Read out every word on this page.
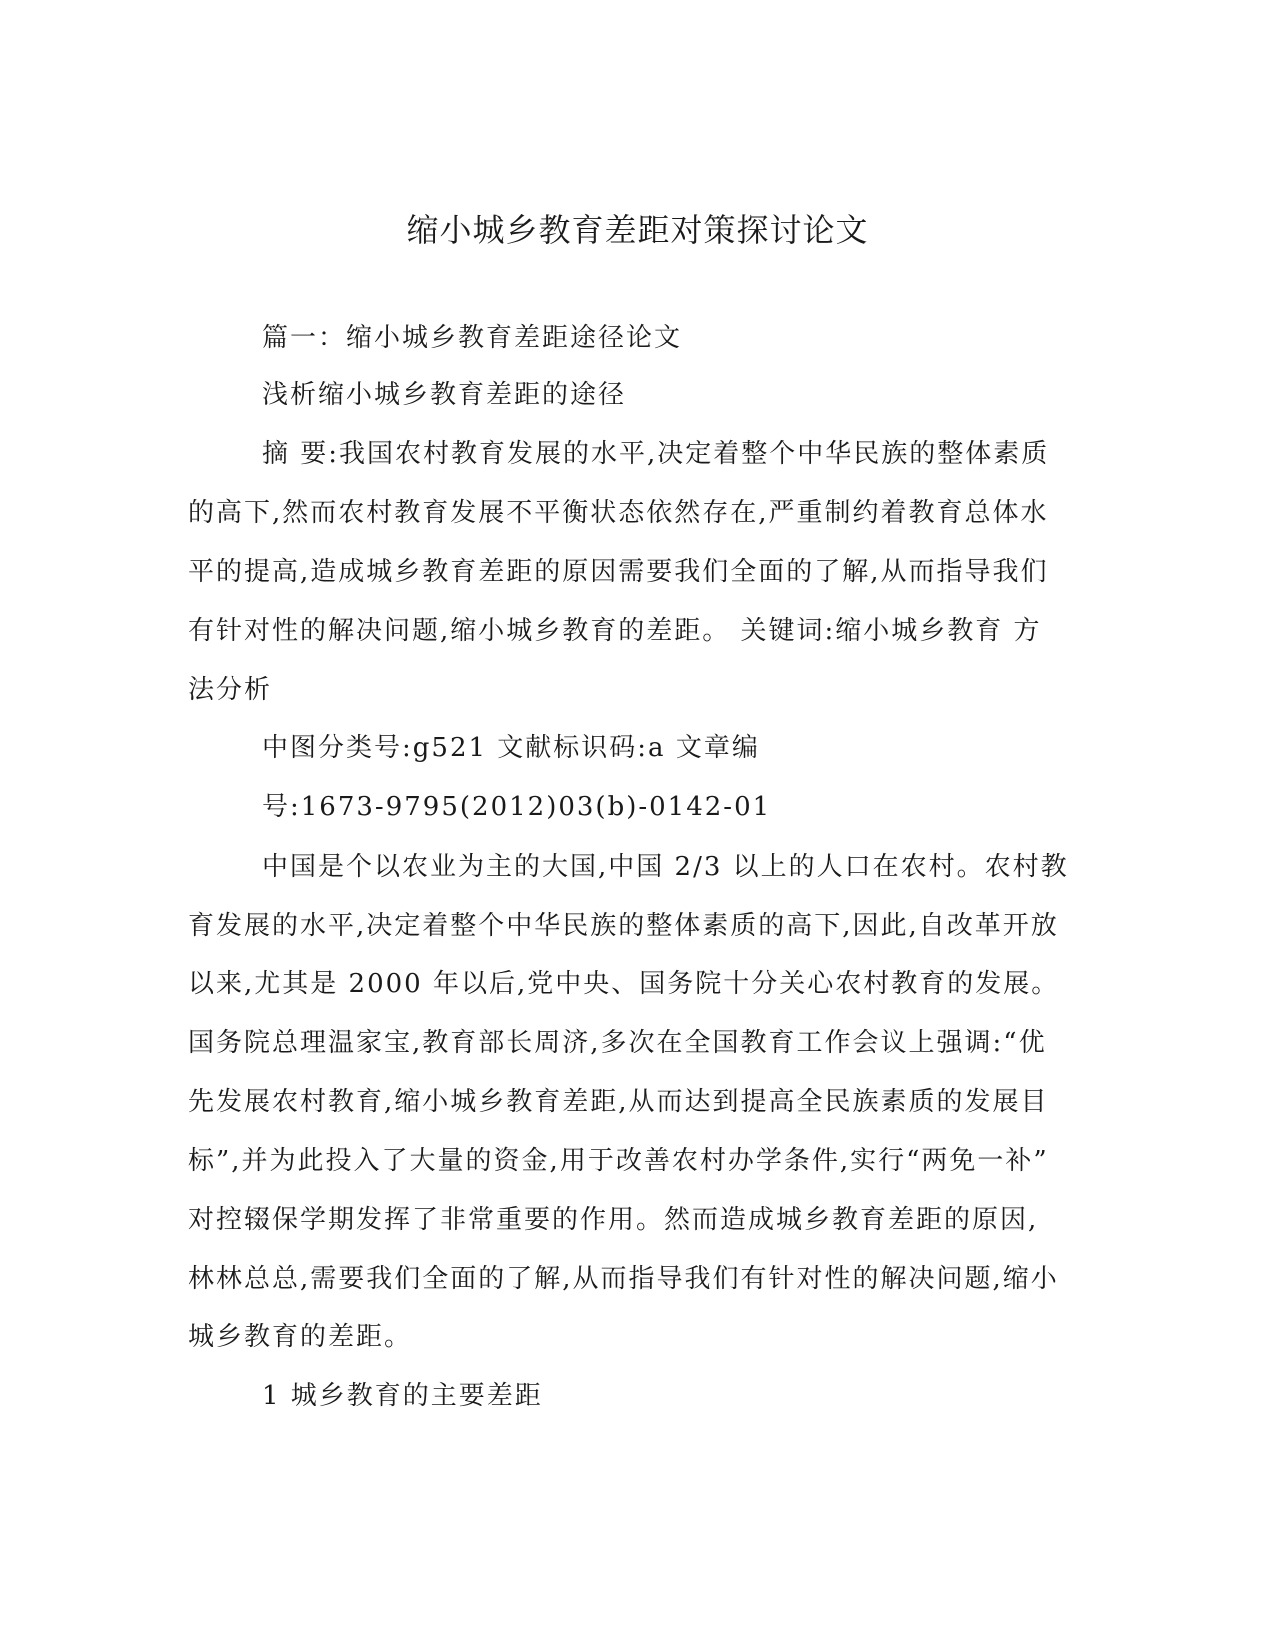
缩小城乡教育差距对策探讨论文

篇一：缩小城乡教育差距途径论文

浅析缩小城乡教育差距的途径

摘 要:我国农村教育发展的水平,决定着整个中华民族的整体素质

的高下,然而农村教育发展不平衡状态依然存在,严重制约着教育总体水

平的提高,造成城乡教育差距的原因需要我们全面的了解,从而指导我们

有针对性的解决问题,缩小城乡教育的差距。 关键词:缩小城乡教育 方

法分析

中图分类号:g521 文献标识码:a 文章编

号:1673-9795(2012)03(b)-0142-01

中国是个以农业为主的大国,中国 2/3 以上的人口在农村。农村教

育发展的水平,决定着整个中华民族的整体素质的高下,因此,自改革开放

以来,尤其是 2000 年以后,党中央、国务院十分关心农村教育的发展。

国务院总理温家宝,教育部长周济,多次在全国教育工作会议上强调:“优

先发展农村教育,缩小城乡教育差距,从而达到提高全民族素质的发展目

标”,并为此投入了大量的资金,用于改善农村办学条件,实行“两免一补”

对控辍保学期发挥了非常重要的作用。然而造成城乡教育差距的原因,

林林总总,需要我们全面的了解,从而指导我们有针对性的解决问题,缩小

城乡教育的差距。

1 城乡教育的主要差距
